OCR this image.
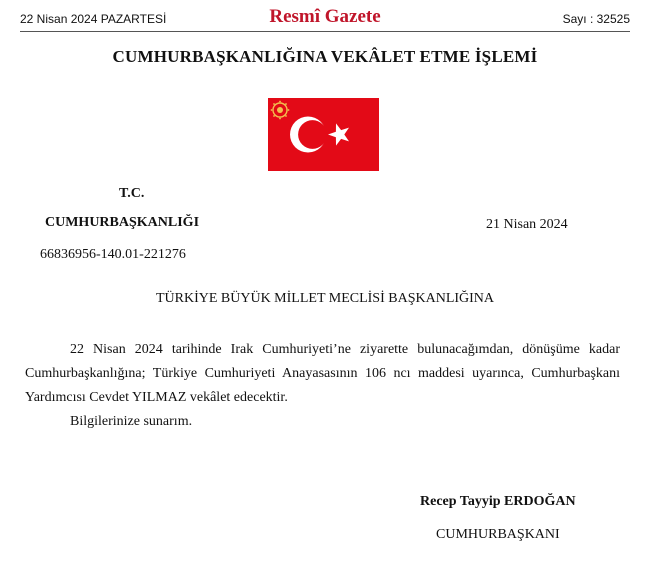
22 Nisan 2024 PAZARTESİ	Resmî Gazete	Sayı : 32525
CUMHURBAŞKANLIĞINA VEKÂLET ETME İŞLEMİ
T.C.
CUMHURBAŞKANLIĞI
66836956-140.01-221276
21 Nisan 2024
TÜRKİYE BÜYÜK MİLLET MECLİSİ BAŞKANLIĞINA

22 Nisan 2024 tarihinde Irak Cumhuriyeti’ne ziyarette bulunacağımdan, dönüşüme kadar Cumhurbaşkanlığına; Türkiye Cumhuriyeti Anayasasının 106 ncı maddesi uyarınca, Cumhurbaşkanı Yardımcısı Cevdet YILMAZ vekâlet edecektir.

Bilgilerinize sunarım.
Recep Tayyip ERDOĞAN
CUMHURBAŞKANI
